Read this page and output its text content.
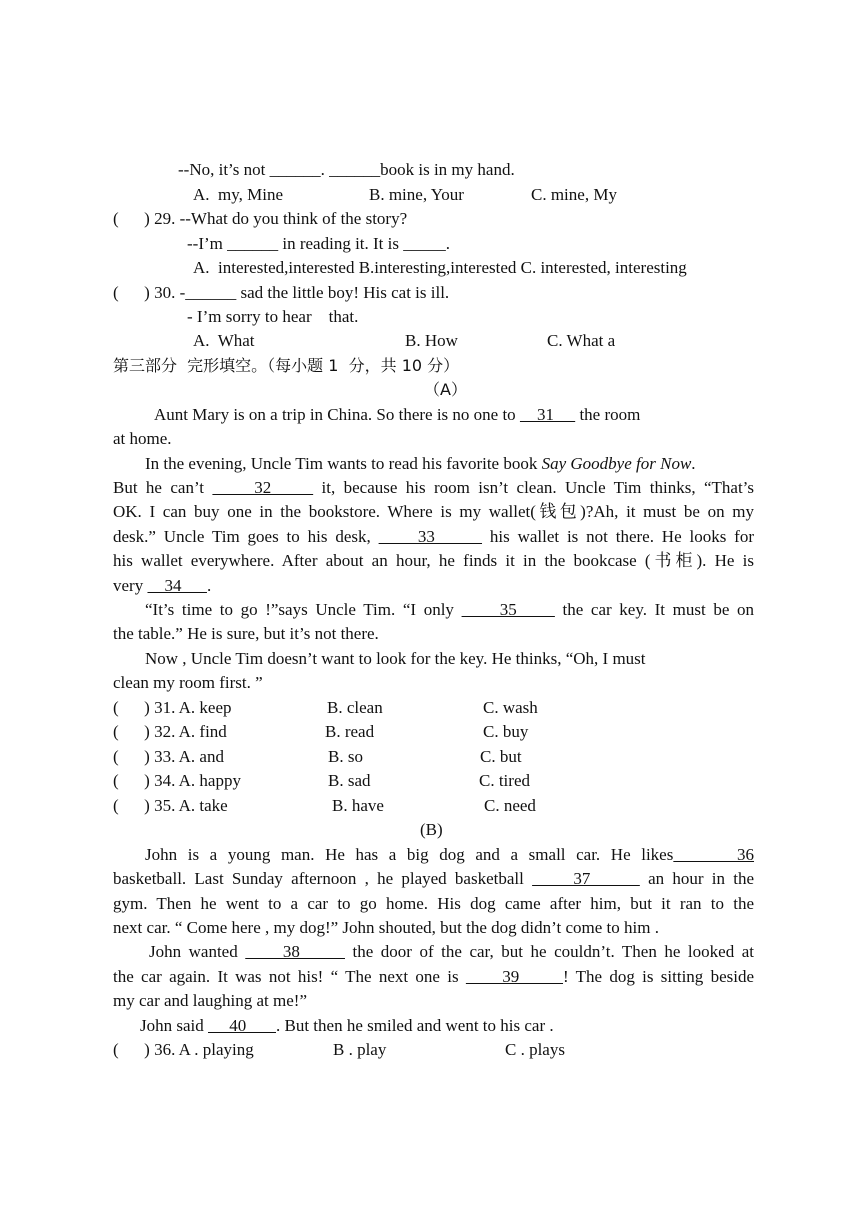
--No, it’s not ______. ______book is in my hand.
A.  my, Mine	B. mine, Your	C. mine, My
(      ) 29. --What do you think of the story?
--I’m ______ in reading it. It is _____.
A.  interested,interested B.interesting,interested C. interested, interesting
(      ) 30. -______ sad the little boy! His cat is ill.
- I’m sorry to hear    that.
A.  What	B. How	C. What a
第三部分  完形填空。（每小题 1  分，共 10 分）
（A）
Aunt Mary is on a trip in China. So there is no one to     31      the room
at home.
In the evening, Uncle Tim wants to read his favorite book Say Goodbye for Now.
But he can’t      32      it, because his room isn’t clean. Uncle Tim thinks, “That’s
OK. I can buy one in the bookstore. Where is my wallet(钱包)?Ah, it must be on my
desk.” Uncle Tim goes to his desk,      33       his wallet is not there. He looks for
his wallet everywhere. After about an hour, he finds it in the bookcase (书柜). He is
very     34      .
“It’s time to go !”says Uncle Tim. “I only      35      the car key. It must be on
the table.” He is sure, but it’s not there.
Now , Uncle Tim doesn’t want to look for the key. He thinks, “Oh, I must
clean my room first. ”
(      ) 31. A. keep	B. clean	C. wash
(      ) 32. A. find	B. read	C. buy
(      ) 33. A. and	B. so	C. but
(      ) 34. A. happy	B. sad	C. tired
(      ) 35. A. take	B. have	C. need
(B)
John is a young man. He has a big dog and a small car. He likes      36
basketball. Last Sunday afternoon , he played basketball      37       an hour in the
gym. Then he went to a car to go home. His dog came after him, but it ran to the
next car. “ Come here , my dog!” John shouted, but the dog didn’t come to him .
John wanted      38       the door of the car, but he couldn’t. Then he looked at
the car again. It was not his! “ The next one is      39      ! The dog is sitting beside
my car and laughing at me!”
John said      40       . But then he smiled and went to his car .
(      ) 36. A . playing	B . play	C . plays
